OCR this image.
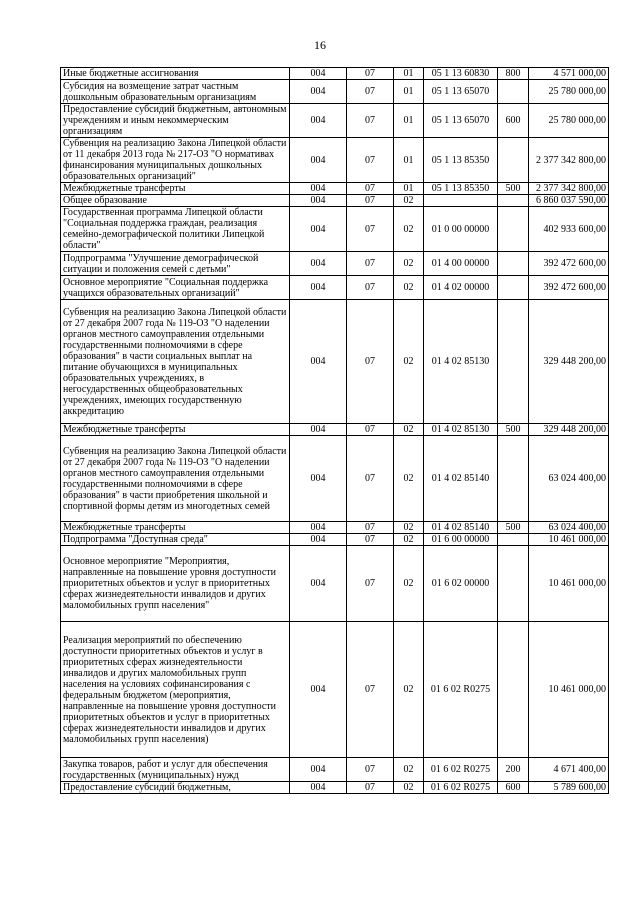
16
Иные бюджетные ассигнования	004	07	01	05 1 13 60830	800	4 571 000,00
Субсидия на возмещение затрат частным дошкольным образовательным организациям	004	07	01	05 1 13 65070		25 780 000,00
Предоставление субсидий бюджетным, автономным учреждениям и иным некоммерческим организациям	004	07	01	05 1 13 65070	600	25 780 000,00
Субвенция на реализацию Закона Липецкой области от 11 декабря 2013 года № 217-ОЗ "О нормативах финансирования муниципальных дошкольных образовательных организаций"	004	07	01	05 1 13 85350		2 377 342 800,00
Межбюджетные трансферты	004	07	01	05 1 13 85350	500	2 377 342 800,00
Общее образование	004	07	02			6 860 037 590,00
Государственная программа Липецкой области "Социальная поддержка граждан, реализация семейно-демографической политики Липецкой области"	004	07	02	01 0 00 00000		402 933 600,00
Подпрограмма "Улучшение демографической ситуации и положения семей с детьми"	004	07	02	01 4 00 00000		392 472 600,00
Основное мероприятие "Социальная поддержка учащихся образовательных организаций"	004	07	02	01 4 02 00000		392 472 600,00
Субвенция на реализацию Закона Липецкой области от 27 декабря 2007 года № 119-ОЗ "О наделении органов местного самоуправления отдельными государственными полномочиями в сфере образования" в части социальных выплат на питание обучающихся в муниципальных образовательных учреждениях, в негосударственных общеобразовательных учреждениях, имеющих государственную аккредитацию	004	07	02	01 4 02 85130		329 448 200,00
Межбюджетные трансферты	004	07	02	01 4 02 85130	500	329 448 200,00
Субвенция на реализацию Закона Липецкой области от 27 декабря 2007 года № 119-ОЗ "О наделении органов местного самоуправления отдельными государственными полномочиями в сфере образования" в части приобретения школьной и спортивной формы детям из многодетных семей	004	07	02	01 4 02 85140		63 024 400,00
Межбюджетные трансферты	004	07	02	01 4 02 85140	500	63 024 400,00
Подпрограмма "Доступная среда"	004	07	02	01 6 00 00000		10 461 000,00
Основное мероприятие "Мероприятия, направленные на повышение уровня доступности приоритетных объектов и услуг в приоритетных сферах жизнедеятельности инвалидов и других маломобильных групп населения"	004	07	02	01 6 02 00000		10 461 000,00
Реализация мероприятий по обеспечению доступности приоритетных объектов и услуг в приоритетных сферах жизнедеятельности инвалидов и других маломобильных групп населения на условиях софинансирования с федеральным бюджетом (мероприятия, направленные на повышение уровня доступности приоритетных объектов и услуг в приоритетных сферах жизнедеятельности инвалидов и других маломобильных групп населения)	004	07	02	01 6 02 R0275		10 461 000,00
Закупка товаров, работ и услуг для обеспечения государственных (муниципальных) нужд	004	07	02	01 6 02 R0275	200	4 671 400,00
Предоставление субсидий бюджетным,	004	07	02	01 6 02 R0275	600	5 789 600,00
